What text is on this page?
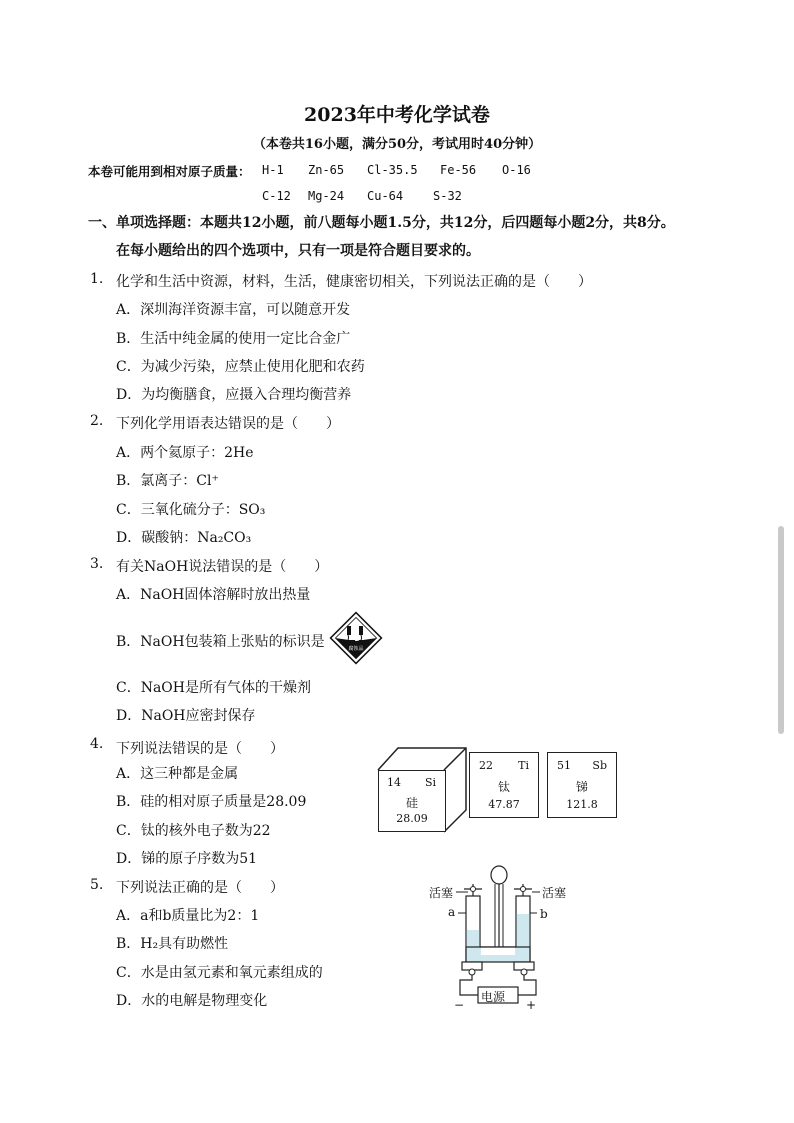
2023年中考化学试卷
（本卷共16小题，满分50分，考试用时40分钟）
本卷可能用到相对原子质量： H-1 Zn-65 Cl-35.5 Fe-56 O-16
C-12 Mg-24 Cu-64 S-32
一、单项选择题：本题共12小题，前八题每小题1.5分，共12分，后四题每小题2分，共8分。
在每小题给出的四个选项中，只有一项是符合题目要求的。
1. 化学和生活中资源，材料，生活，健康密切相关，下列说法正确的是（　　）
A．深圳海洋资源丰富，可以随意开发
B．生活中纯金属的使用一定比合金广
C．为减少污染，应禁止使用化肥和农药
D．为均衡膳食，应摄入合理均衡营养
2. 下列化学用语表达错误的是（　　）
A．两个氦原子：2He
B．氯离子：Cl⁺
C．三氧化硫分子：SO₃
D．碳酸钠：Na₂CO₃
3. 有关NaOH说法错误的是（　　）
A．NaOH固体溶解时放出热量
B．NaOH包装箱上张贴的标识是	腐蚀品
C．NaOH是所有气体的干燥剂
D．NaOH应密封保存
4. 下列说法错误的是（　　）
A．这三种都是金属
B．硅的相对原子质量是28.09
C．钛的核外电子数为22
D．锑的原子序数为51
14 Si
硅
28.09
22 Ti
钛
47.87
51 Sb
锑
121.8
5. 下列说法正确的是（　　）
A．a和b质量比为2：1
B．H₂具有助燃性
C．水是由氢元素和氧元素组成的
D．水的电解是物理变化
活塞	活塞
a	b
电源
−	+
